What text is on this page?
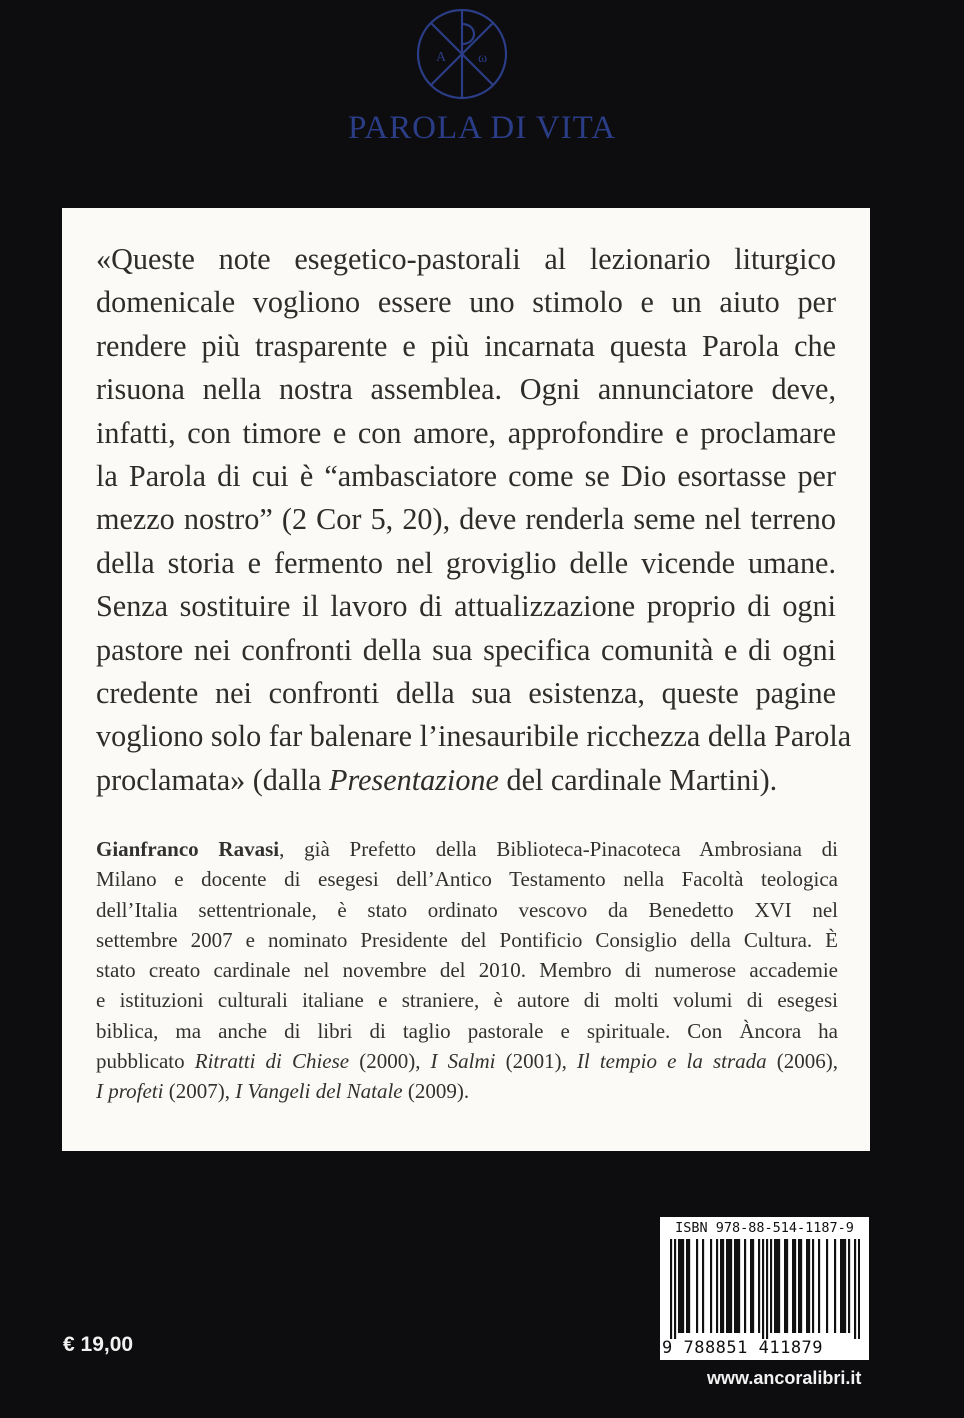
A ω
PAROLA DI VITA
«Queste note esegetico-pastorali al lezionario liturgico
domenicale vogliono essere uno stimolo e un aiuto per
rendere più trasparente e più incarnata questa Parola che
risuona nella nostra assemblea. Ogni annunciatore deve,
infatti, con timore e con amore, approfondire e proclamare
la Parola di cui è “ambasciatore come se Dio esortasse per
mezzo nostro” (2 Cor 5, 20), deve renderla seme nel terreno
della storia e fermento nel groviglio delle vicende umane.
Senza sostituire il lavoro di attualizzazione proprio di ogni
pastore nei confronti della sua specifica comunità e di ogni
credente nei confronti della sua esistenza, queste pagine
vogliono solo far balenare l’inesauribile ricchezza della Parola
proclamata» (dalla Presentazione del cardinale Martini).
Gianfranco Ravasi, già Prefetto della Biblioteca-Pinacoteca Ambrosiana di
Milano e docente di esegesi dell’Antico Testamento nella Facoltà teologica
dell’Italia settentrionale, è stato ordinato vescovo da Benedetto XVI nel
settembre 2007 e nominato Presidente del Pontificio Consiglio della Cultura. È
stato creato cardinale nel novembre del 2010. Membro di numerose accademie
e istituzioni culturali italiane e straniere, è autore di molti volumi di esegesi
biblica, ma anche di libri di taglio pastorale e spirituale. Con Àncora ha
pubblicato Ritratti di Chiese (2000), I Salmi (2001), Il tempio e la strada (2006),
I profeti (2007), I Vangeli del Natale (2009).
ISBN 978-88-514-1187-9
9 788851 411879
€ 19,00
www.ancoralibri.it
